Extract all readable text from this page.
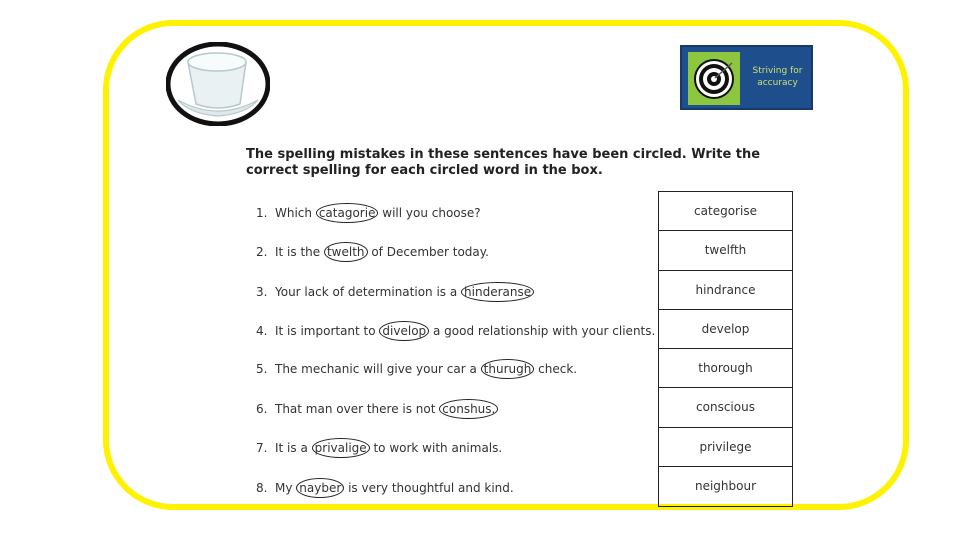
Striving for accuracy
The spelling mistakes in these sentences have been circled. Write the correct spelling for each circled word in the box.
1. Which catagorie will you choose?
2. It is the twelth of December today.
3. Your lack of determination is a hinderanse
4. It is important to divelop a good relationship with your clients.
5. The mechanic will give your car a thurugh check.
6. That man over there is not conshus.
7. It is a privalige to work with animals.
8. My nayber is very thoughtful and kind.
categorise
twelfth
hindrance
develop
thorough
conscious
privilege
neighbour
